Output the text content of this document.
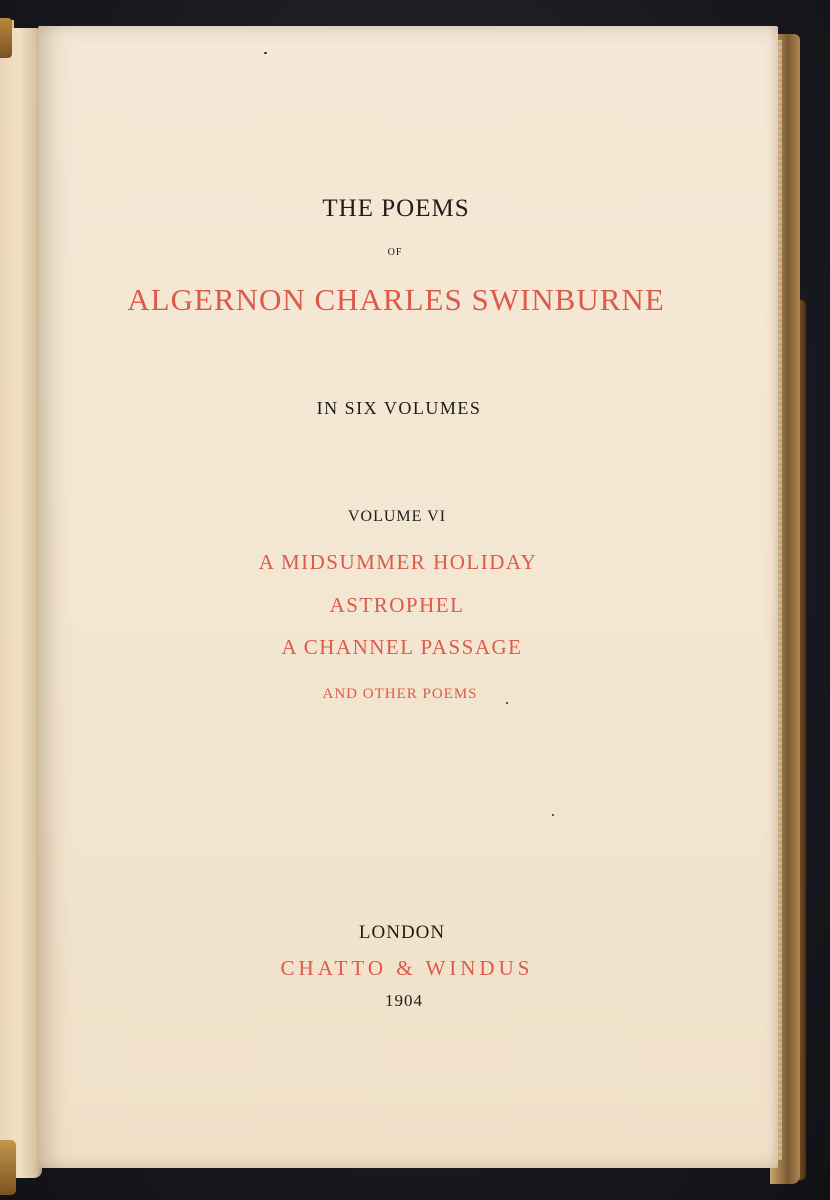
THE POEMS
OF
ALGERNON CHARLES SWINBURNE
IN SIX VOLUMES
VOLUME VI
A MIDSUMMER HOLIDAY
ASTROPHEL
A CHANNEL PASSAGE
AND OTHER POEMS
LONDON
CHATTO & WINDUS
1904
